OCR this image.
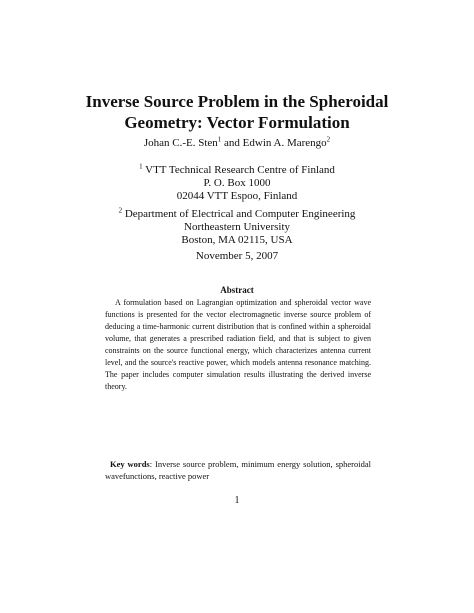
Inverse Source Problem in the Spheroidal
Geometry: Vector Formulation
Johan C.-E. Sten$^1$ and Edwin A. Marengo$^2$
$^1$ VTT Technical Research Centre of Finland
P. O. Box 1000
02044 VTT Espoo, Finland
$^2$ Department of Electrical and Computer Engineering
Northeastern University
Boston, MA 02115, USA
November 5, 2007
Abstract

A formulation based on Lagrangian optimization and spheroidal vector wave functions is presented for the vector electromagnetic inverse source problem of deducing a time-harmonic current distribution that is confined within a spheroidal volume, that generates a prescribed radiation field, and that is subject to given constraints on the source functional energy, which characterizes antenna current level, and the source's reactive power, which models antenna resonance matching. The paper includes computer simulation results illustrating the derived inverse theory.

Key words: Inverse source problem, minimum energy solution, spheroidal wavefunctions, reactive power

1
